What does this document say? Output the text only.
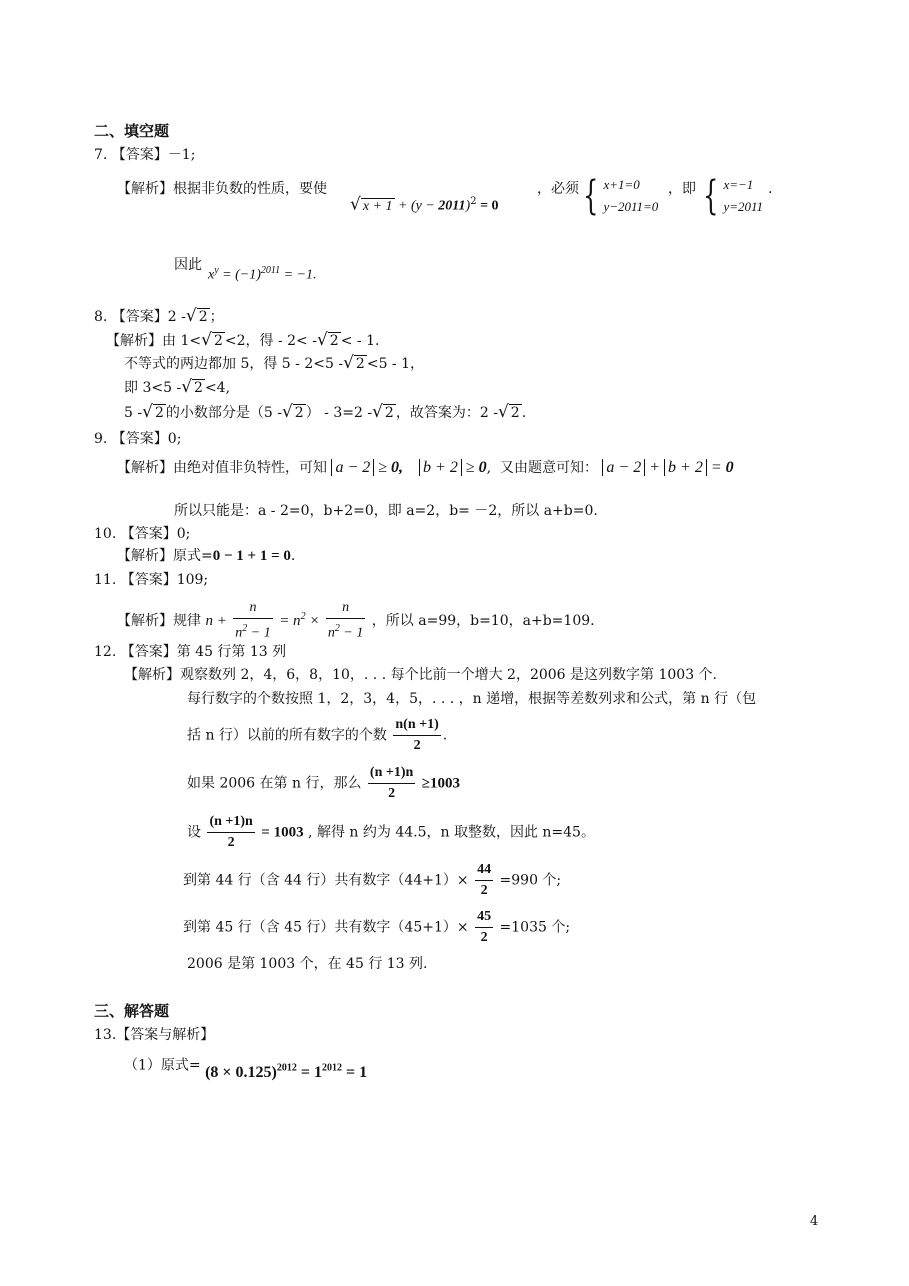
二、填空题
7. 【答案】－1;
【解析】根据非负数的性质，要使
√ $x + 1 + (y - 2011)^2 = 0$
，必须 { x+1=0
y−2011=0
，即 { x=−1
y=2011
.
因此
$x^y = (-1)^{2011} = -1$.
8. 【答案】2 -√ 2 ；
【解析】由 1<√ 2 <2，得 - 2< -√ 2 < - 1.
不等式的两边都加 5，得 5 - 2<5 -√ 2 <5 - 1，
即 3<5 -√ 2 <4,
5 -√ 2 的小数部分是（5 -√ 2 ） - 3=2 -√ 2 ，故答案为：2 -√ 2 .
9. 【答案】0;
【解析】由绝对值非负特性，可知 a − 2 ≥ 0, b + 2 ≥ 0,  又由题意可知： a − 2 + b + 2 = 0
所以只能是：a - 2=0，b+2=0，即 a=2，b= －2，所以 a+b=0.
10. 【答案】0;
【解析】原式=0 − 1 + 1 = 0.
11. 【答案】109;
【解析】规律 $n + \frac{n}{n^2 - 1} = n^2 \times \frac{n}{n^2 - 1}$ ，所以 a=99，b=10，a+b=109.
12. 【答案】第 45 行第 13 列
【解析】观察数列 2，4，6，8，10，. . . 每个比前一个增大 2，2006 是这列数字第 1003 个.
每行数字的个数按照 1，2，3，4，5，. . . ，n 递增，根据等差数列求和公式，第 n 行（包
括 n 行）以前的所有数字的个数 $\frac{n(n +1)}{2}$ .
如果 2006 在第 n 行，那么 $\frac{(n +1)n}{2} \ge 1003$
设 $\frac{(n +1)n}{2} = 1003$ , 解得 n 约为 44.5，n 取整数，因此 n=45。
到第 44 行（含 44 行）共有数字$(44+1)\times \frac{44}{2} =990$ 个;
到第 45 行（含 45 行）共有数字$(45+1)\times \frac{45}{2} =1035$ 个;
2006 是第 1003 个，在 45 行 13 列.
三、解答题
13.【答案与解析】
（1）原式= $(8 \times 0.125)^{2012} = 1^{2012} = 1$
4
